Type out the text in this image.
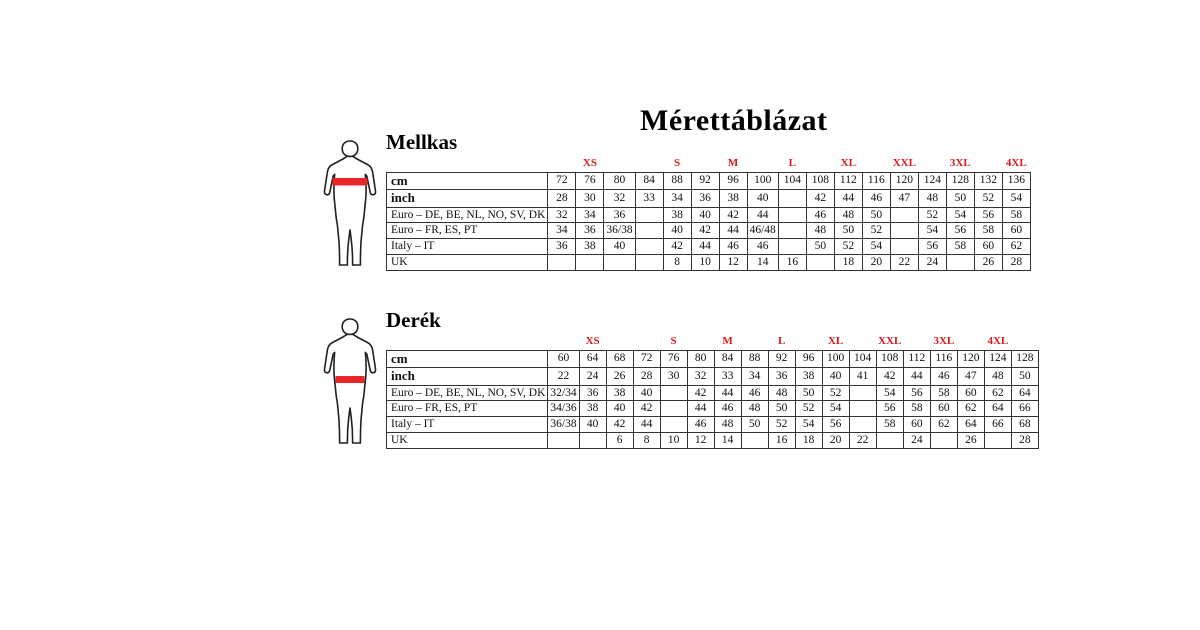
Mérettáblázat
Mellkas
		XS			S		M		L		XL		XXL		3XL		4XL
cm	72	76	80	84	88	92	96	100	104	108	112	116	120	124	128	132	136
inch	28	30	32	33	34	36	38	40		42	44	46	47	48	50	52	54
Euro – DE, BE, NL, NO, SV, DK	32	34	36		38	40	42	44		46	48	50		52	54	56	58
Euro – FR, ES, PT	34	36	36/38		40	42	44	46/48		48	50	52		54	56	58	60
Italy – IT	36	38	40		42	44	46	46		50	52	54		56	58	60	62
UK					8	10	12	14	16		18	20	22	24		26	28
Derék
		XS			S		M		L		XL		XXL		3XL		4XL	
cm	60	64	68	72	76	80	84	88	92	96	100	104	108	112	116	120	124	128
inch	22	24	26	28	30	32	33	34	36	38	40	41	42	44	46	47	48	50
Euro – DE, BE, NL, NO, SV, DK	32/34	36	38	40		42	44	46	48	50	52		54	56	58	60	62	64
Euro – FR, ES, PT	34/36	38	40	42		44	46	48	50	52	54		56	58	60	62	64	66
Italy – IT	36/38	40	42	44		46	48	50	52	54	56		58	60	62	64	66	68
UK			6	8	10	12	14		16	18	20	22		24		26		28
